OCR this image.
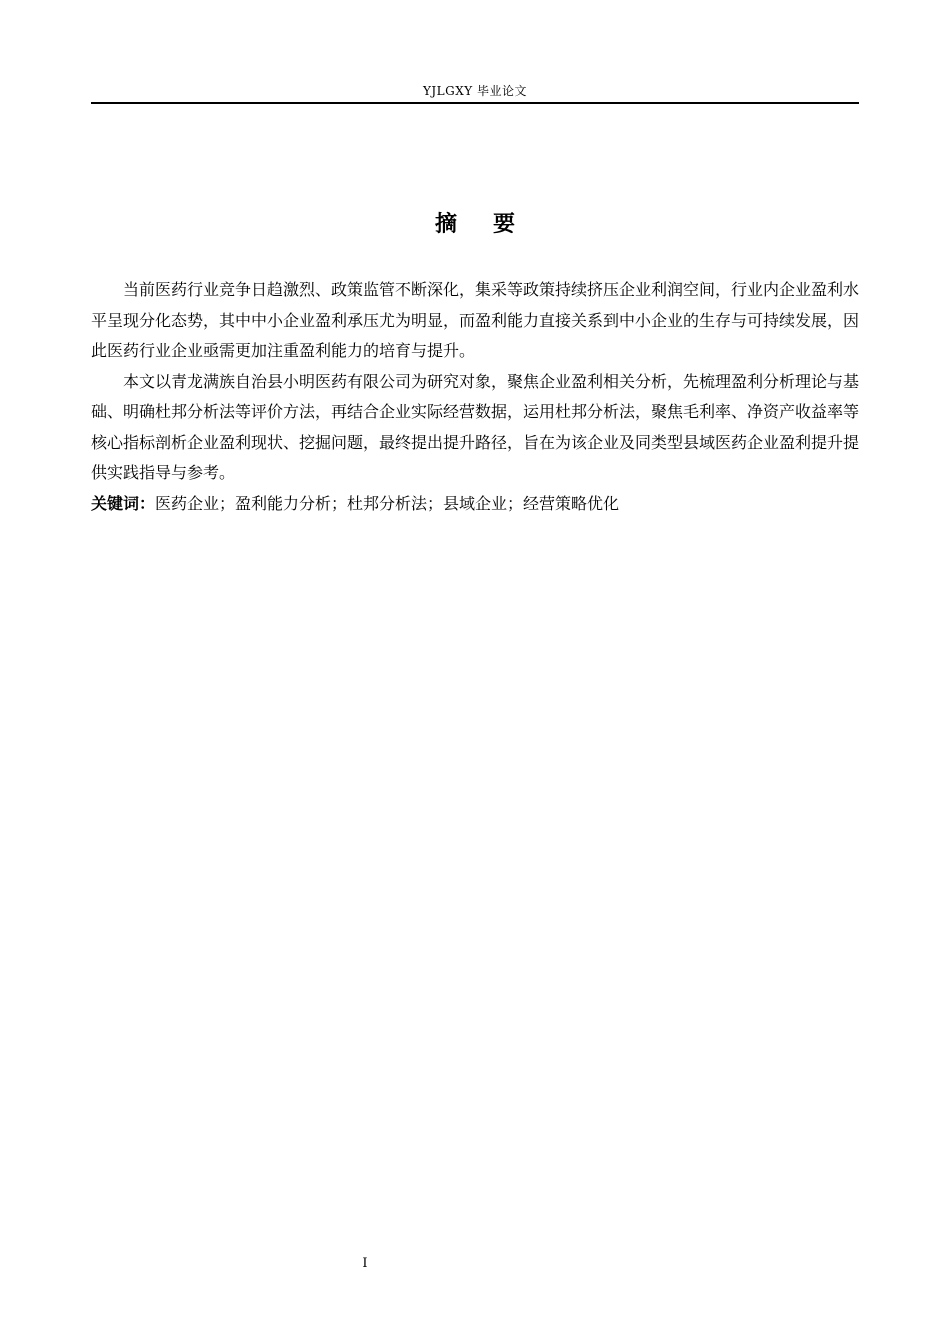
YJLGXY 毕业论文
摘要

当前医药行业竞争日趋激烈、政策监管不断深化，集采等政策持续挤压企业利润空间，行业内企业盈利水平呈现分化态势，其中中小企业盈利承压尤为明显，而盈利能力直接关系到中小企业的生存与可持续发展，因此医药行业企业亟需更加注重盈利能力的培育与提升。

本文以青龙满族自治县小明医药有限公司为研究对象，聚焦企业盈利相关分析，先梳理盈利分析理论与基础、明确杜邦分析法等评价方法，再结合企业实际经营数据，运用杜邦分析法，聚焦毛利率、净资产收益率等核心指标剖析企业盈利现状、挖掘问题，最终提出提升路径，旨在为该企业及同类型县域医药企业盈利提升提供实践指导与参考。

关键词：医药企业；盈利能力分析；杜邦分析法；县域企业；经营策略优化

I
